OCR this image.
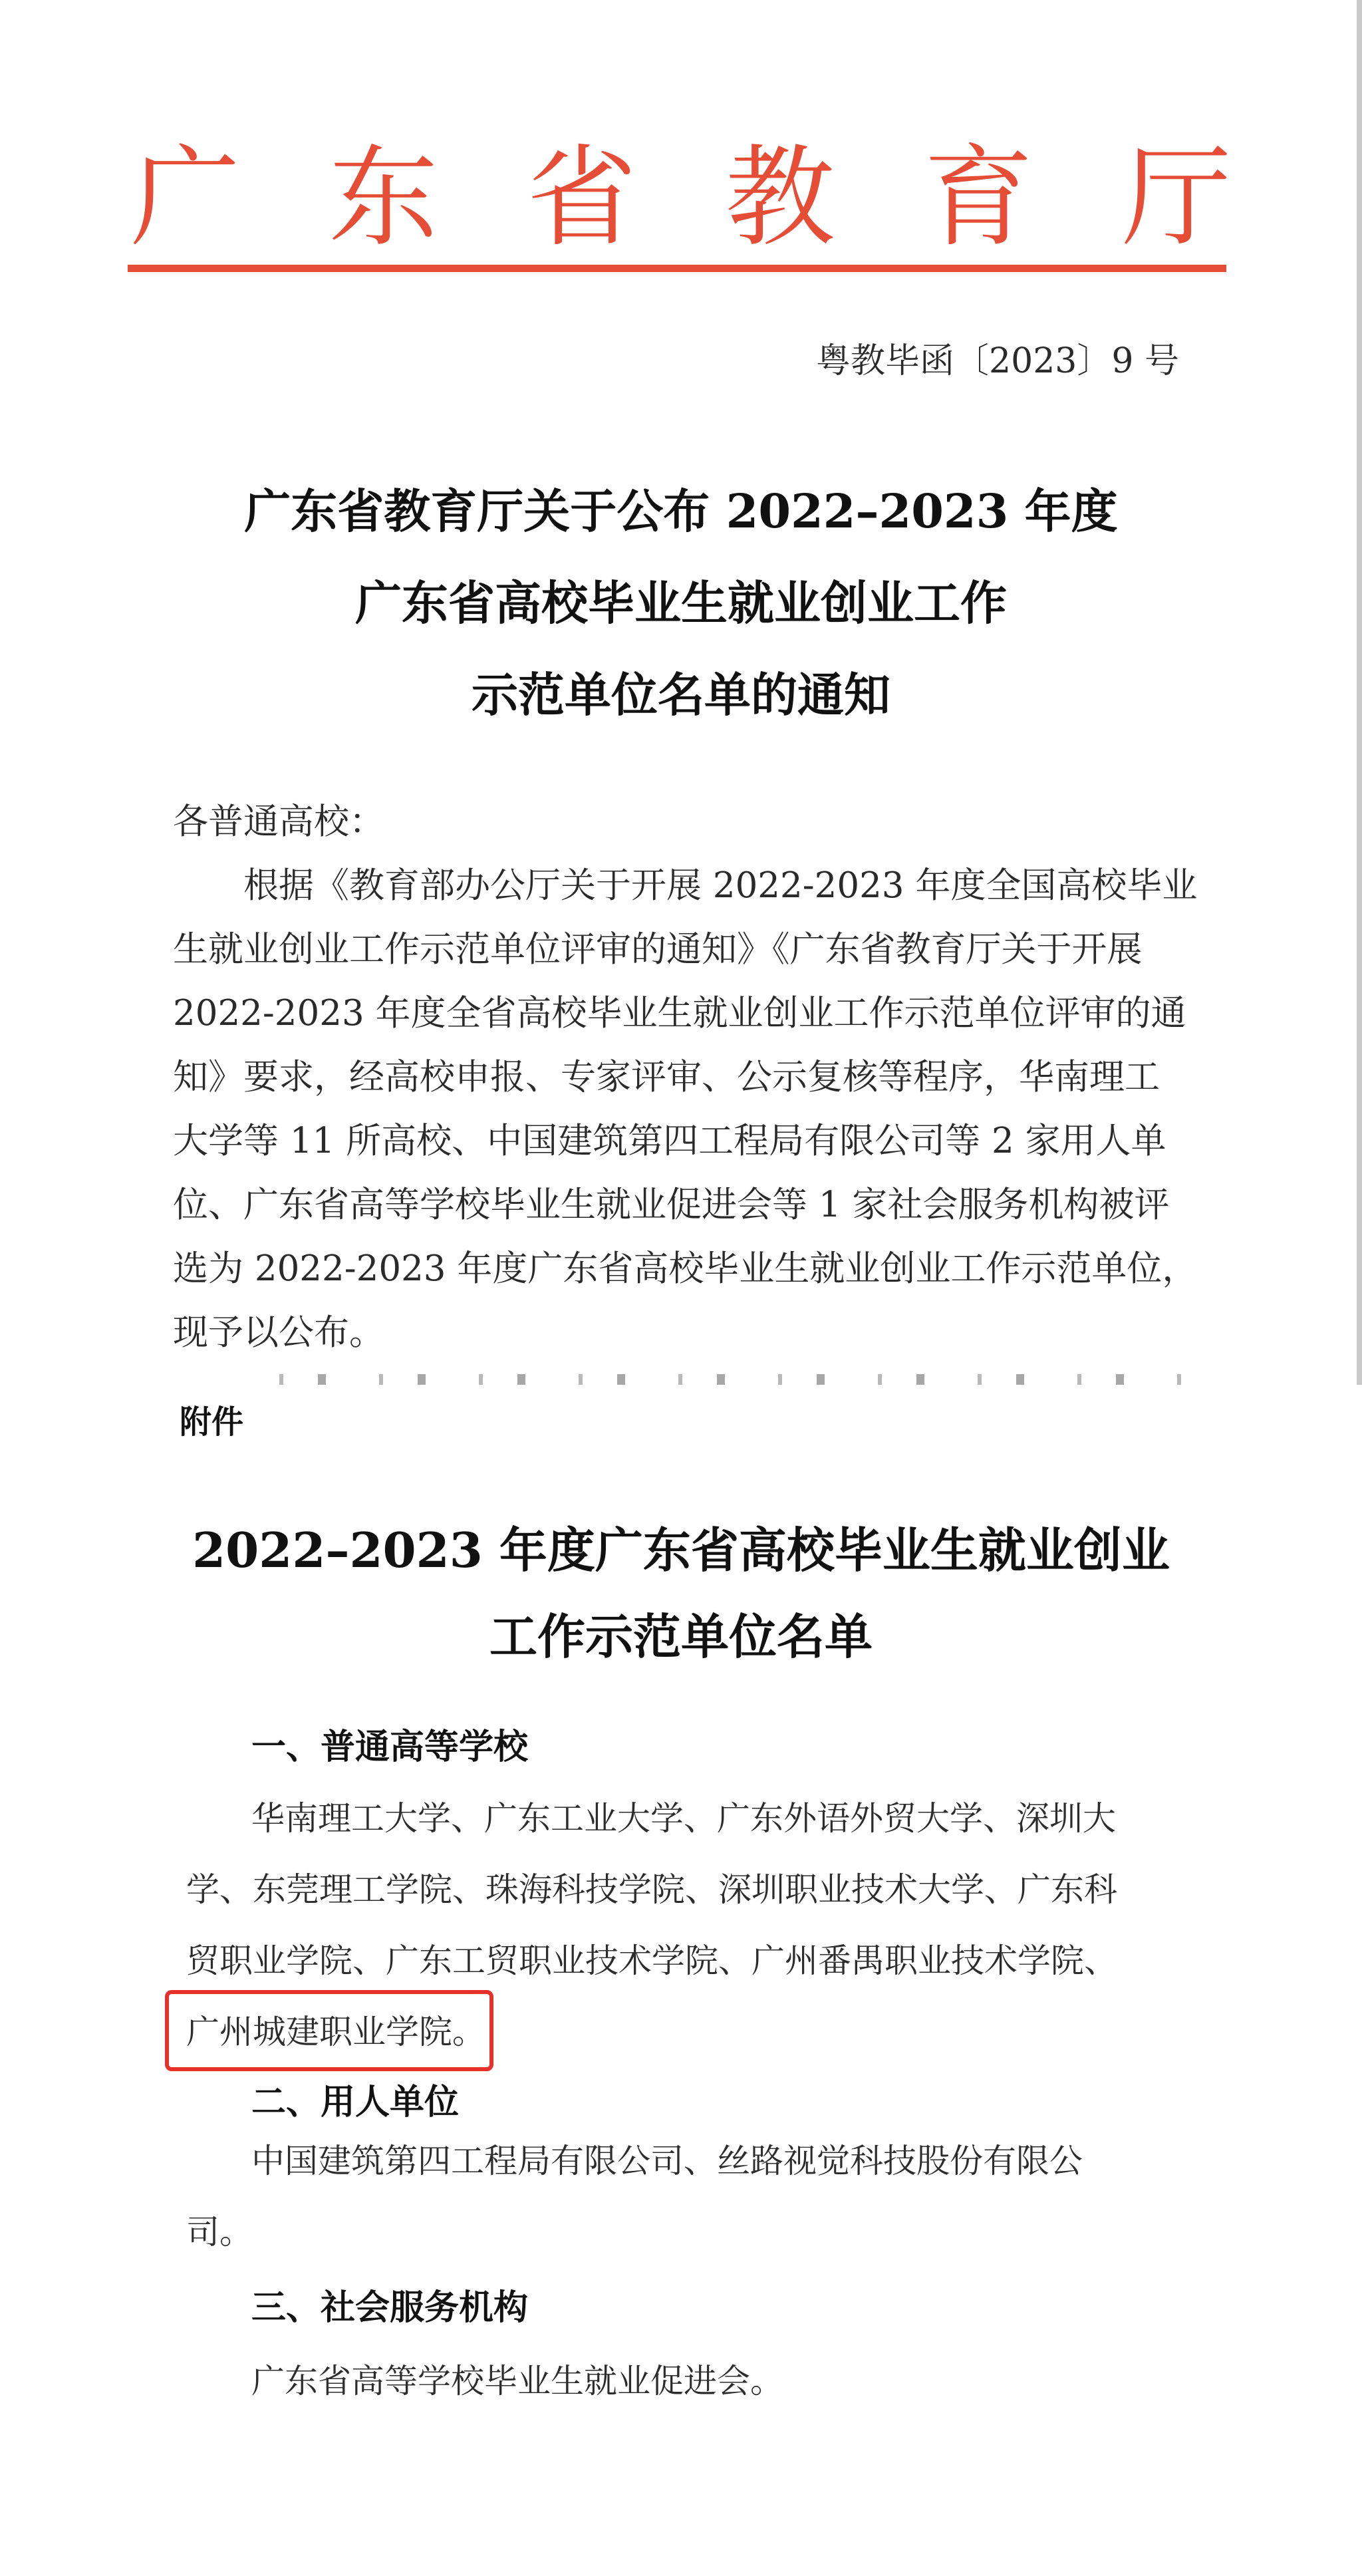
广 东 省 教 育 厅
粤教毕函〔2023〕9 号
广东省教育厅关于公布 2022–2023 年度
广东省高校毕业生就业创业工作
示范单位名单的通知
各普通高校：
根据《教育部办公厅关于开展 2022-2023 年度全国高校毕业
生就业创业工作示范单位评审的通知》《广东省教育厅关于开展
2022-2023 年度全省高校毕业生就业创业工作示范单位评审的通
知》要求，经高校申报、专家评审、公示复核等程序，华南理工
大学等 11 所高校、中国建筑第四工程局有限公司等 2 家用人单
位、广东省高等学校毕业生就业促进会等 1 家社会服务机构被评
选为 2022-2023 年度广东省高校毕业生就业创业工作示范单位，
现予以公布。
附件
2022–2023 年度广东省高校毕业生就业创业
工作示范单位名单
一、普通高等学校
华南理工大学、广东工业大学、广东外语外贸大学、深圳大
学、东莞理工学院、珠海科技学院、深圳职业技术大学、广东科
贸职业学院、广东工贸职业技术学院、广州番禺职业技术学院、
广州城建职业学院。
二、用人单位
中国建筑第四工程局有限公司、丝路视觉科技股份有限公
司。
三、社会服务机构
广东省高等学校毕业生就业促进会。
